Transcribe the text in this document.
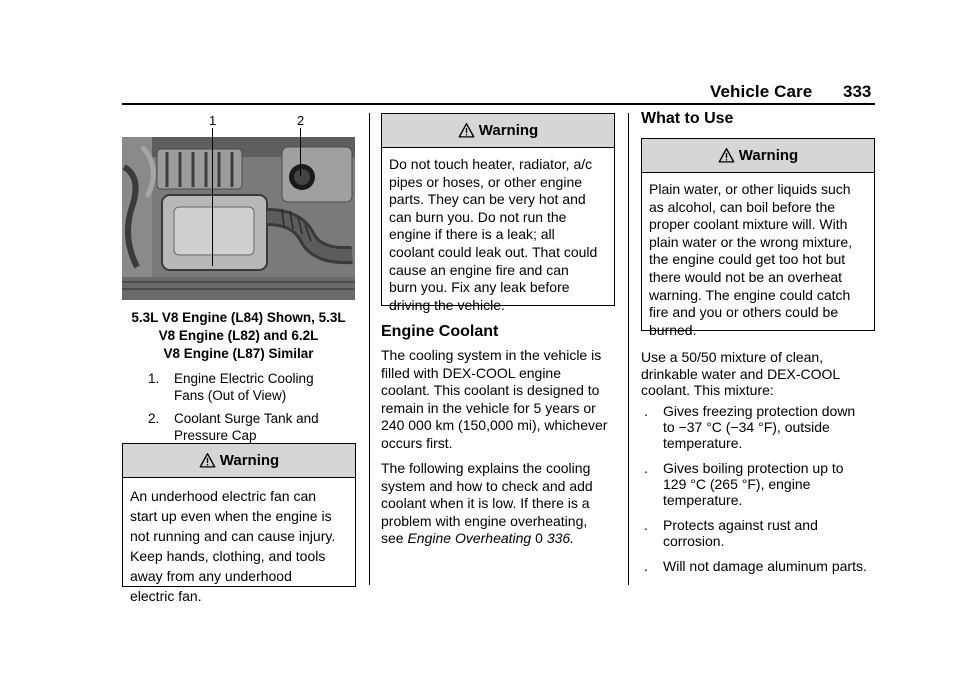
Vehicle Care 333
1	2
5.3L V8 Engine (L84) Shown, 5.3L
V8 Engine (L82) and 6.2L
V8 Engine (L87) Similar
1. Engine Electric Cooling
Fans (Out of View)
2. Coolant Surge Tank and
Pressure Cap
Warning
An underhood electric fan can
start up even when the engine is
not running and can cause injury.
Keep hands, clothing, and tools
away from any underhood
electric fan.
Warning
Do not touch heater, radiator, a/c
pipes or hoses, or other engine
parts. They can be very hot and
can burn you. Do not run the
engine if there is a leak; all
coolant could leak out. That could
cause an engine fire and can
burn you. Fix any leak before
driving the vehicle.
Engine Coolant

The cooling system in the vehicle is
filled with DEX-COOL engine
coolant. This coolant is designed to
remain in the vehicle for 5 years or
240 000 km (150,000 mi), whichever
occurs first.

The following explains the cooling
system and how to check and add
coolant when it is low. If there is a
problem with engine overheating,
see Engine Overheating 0 336.

What to Use
Warning
Plain water, or other liquids such
as alcohol, can boil before the
proper coolant mixture will. With
plain water or the wrong mixture,
the engine could get too hot but
there would not be an overheat
warning. The engine could catch
fire and you or others could be
burned.
Use a 50/50 mixture of clean,
drinkable water and DEX-COOL
coolant. This mixture:
. Gives freezing protection down
to −37 °C (−34 °F), outside
temperature.
. Gives boiling protection up to
129 °C (265 °F), engine
temperature.
. Protects against rust and
corrosion.
. Will not damage aluminum parts.
